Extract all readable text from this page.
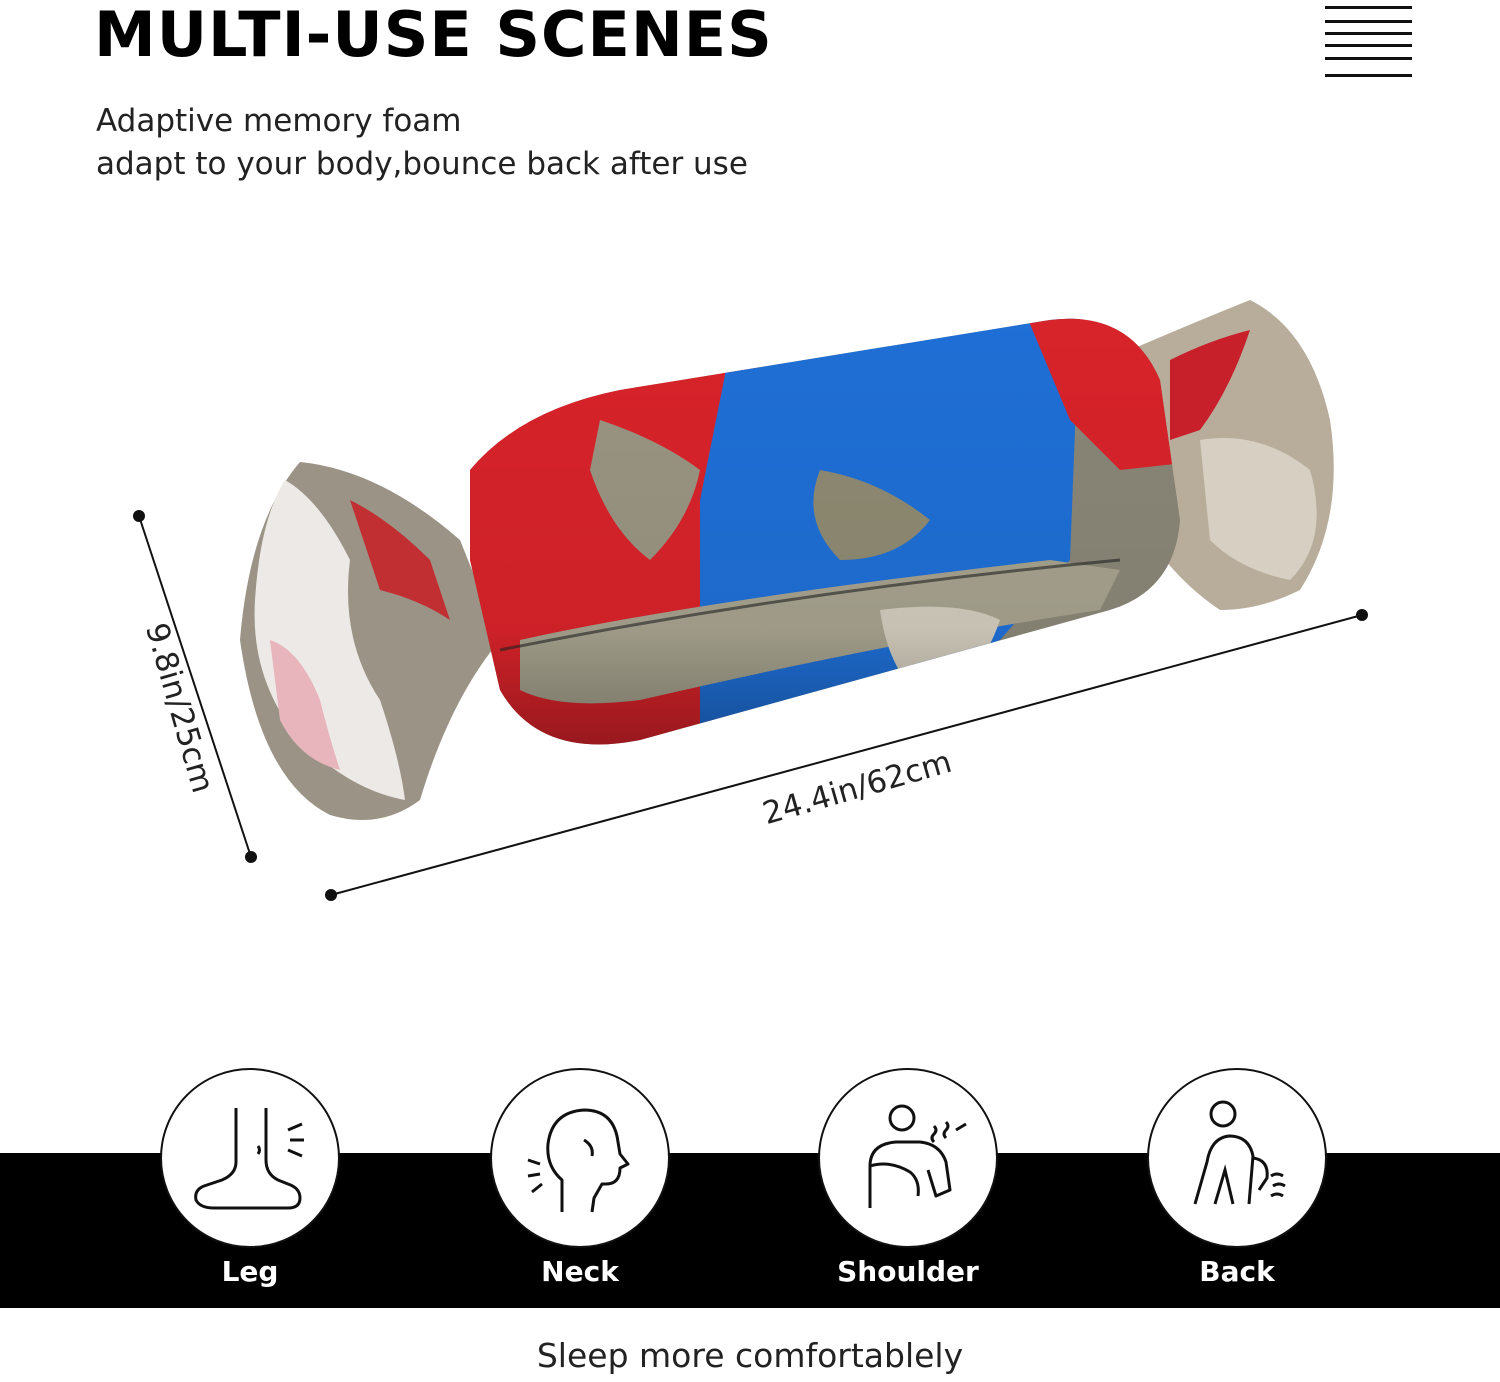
MULTI-USE SCENES
Adaptive memory foam
adapt to your body,bounce back after use
9.8in/25cm	24.4in/62cm
Leg	Neck	Shoulder	Back
Sleep more comfortablely
